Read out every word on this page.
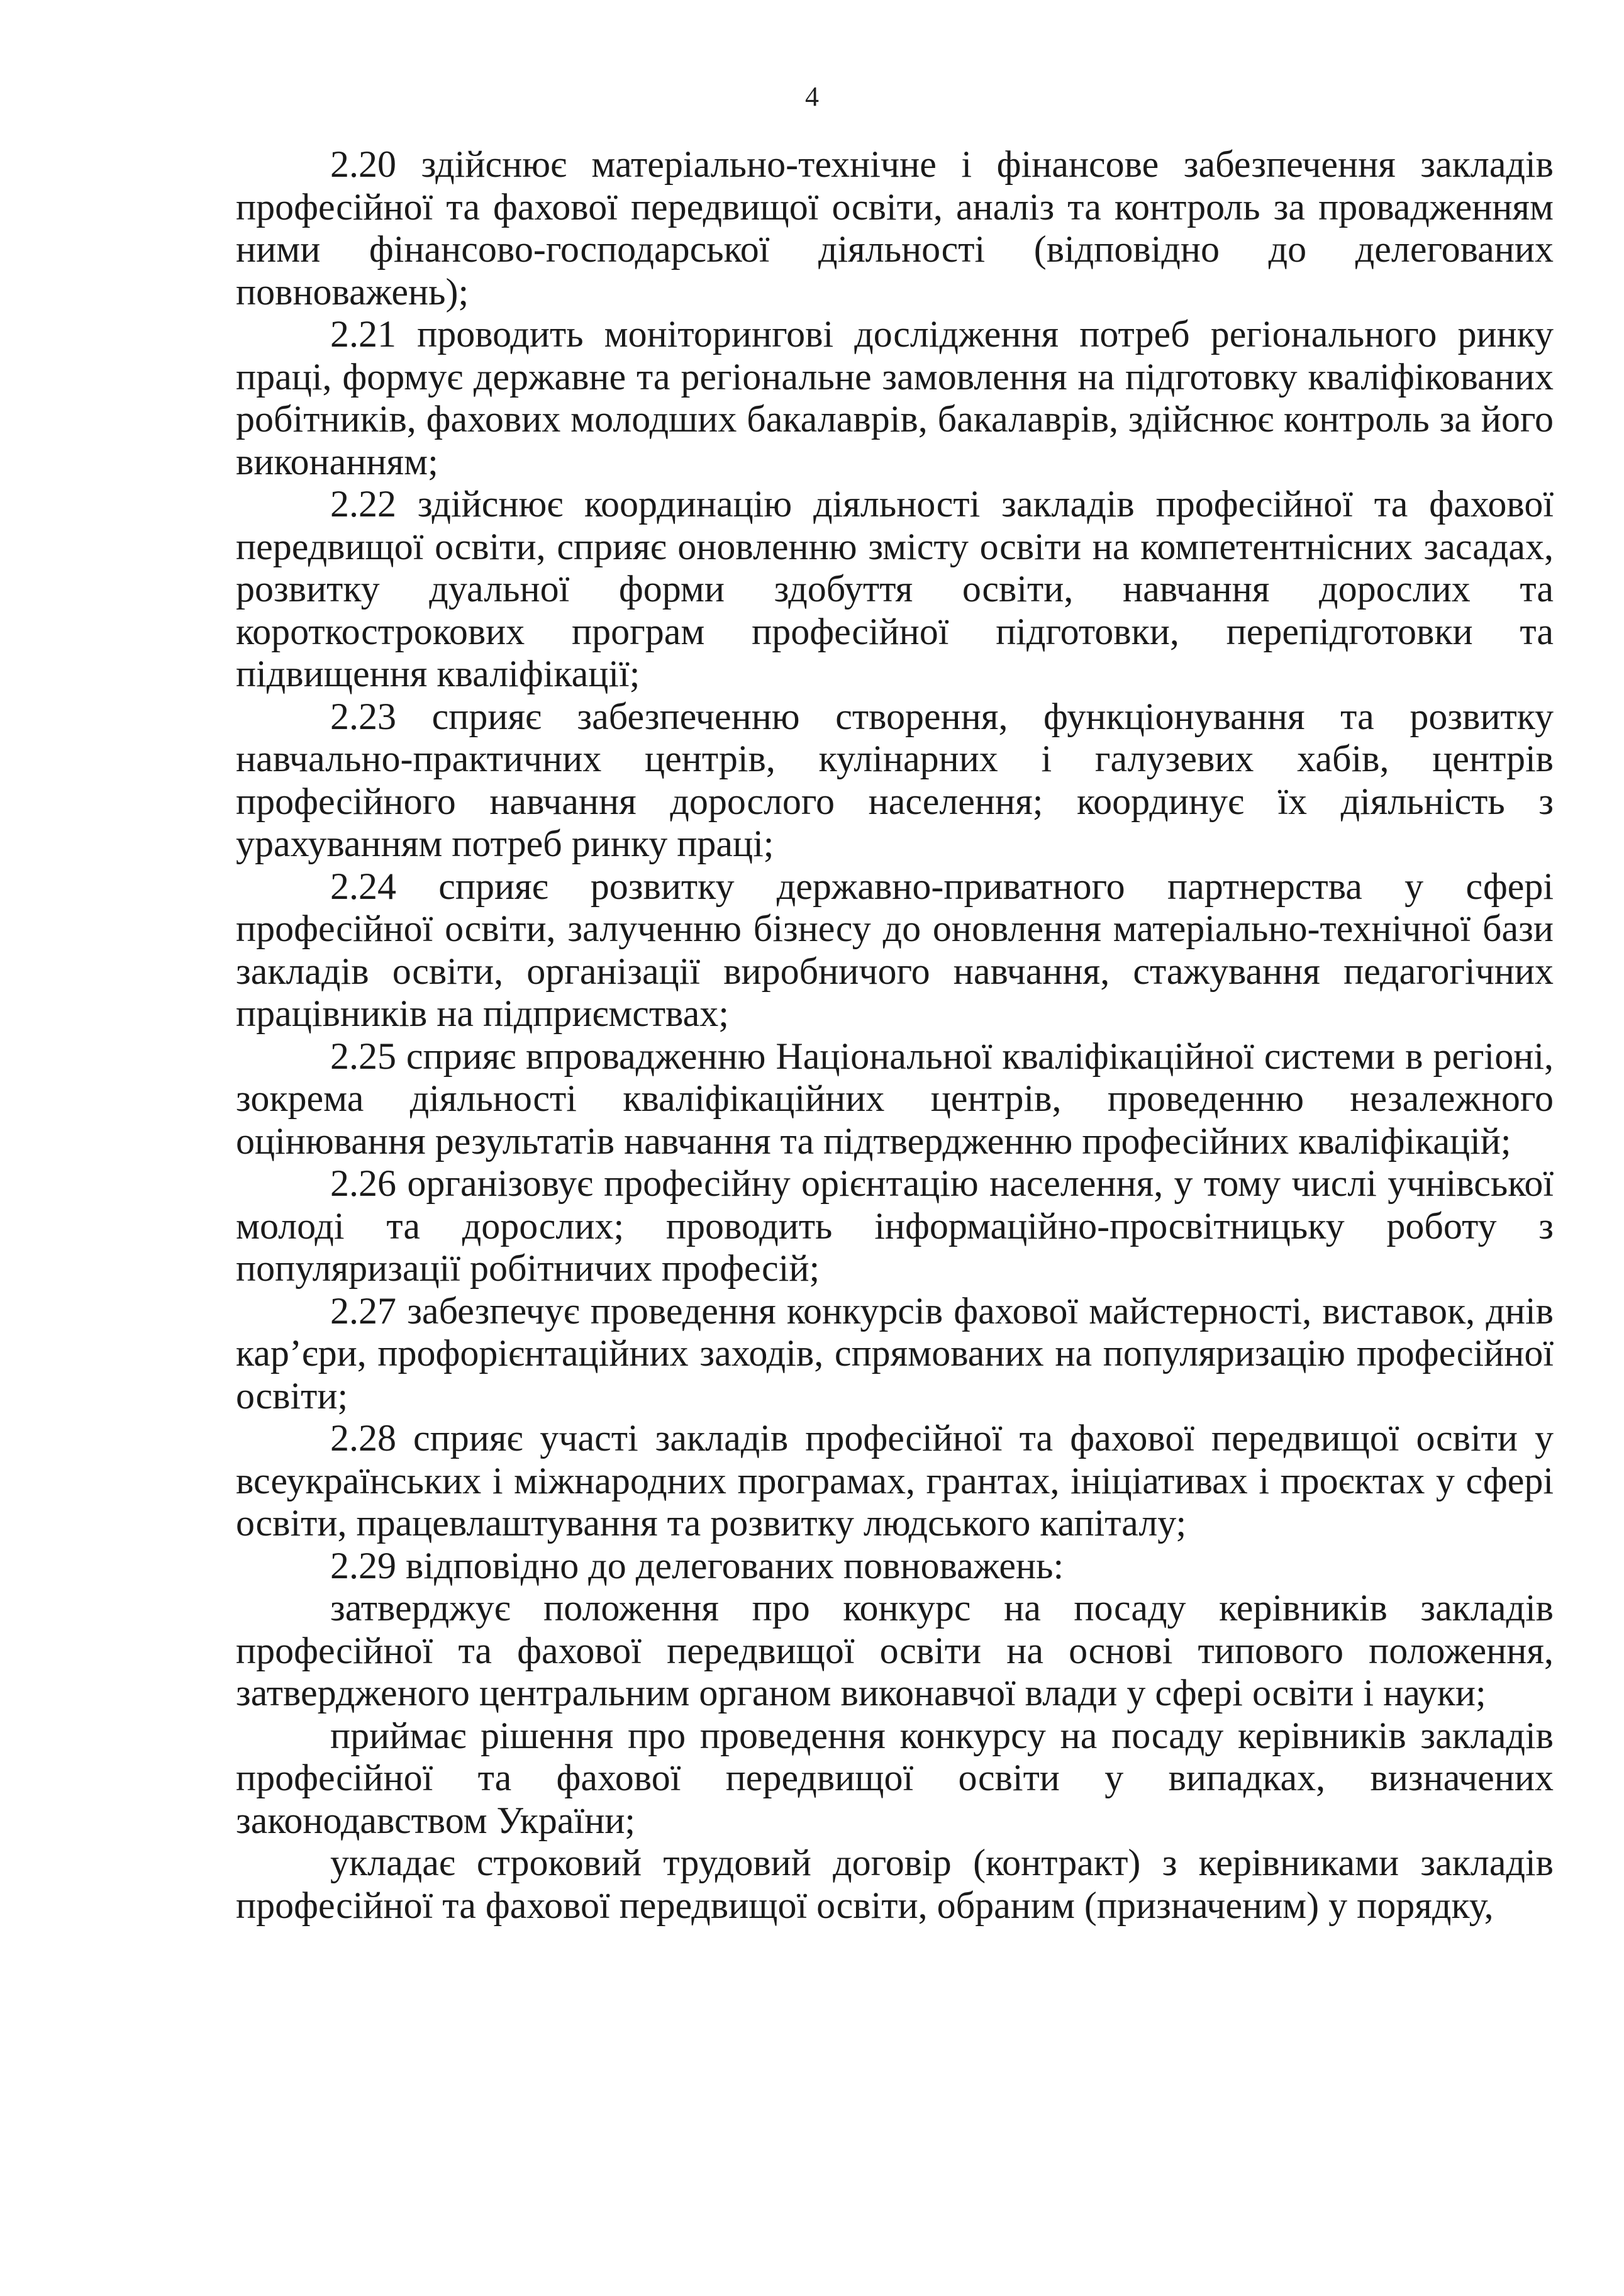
4

2.20 здійснює матеріально-технічне і фінансове забезпечення закладів професійної та фахової передвищої освіти, аналіз та контроль за провадженням ними фінансово-господарської діяльності (відповідно до делегованих повноважень);

2.21 проводить моніторингові дослідження потреб регіонального ринку праці, формує державне та регіональне замовлення на підготовку кваліфікованих робітників, фахових молодших бакалаврів, бакалаврів, здійснює контроль за його виконанням;

2.22 здійснює координацію діяльності закладів професійної та фахової передвищої освіти, сприяє оновленню змісту освіти на компетентнісних засадах, розвитку дуальної форми здобуття освіти, навчання дорослих та короткострокових програм професійної підготовки, перепідготовки та підвищення кваліфікації;

2.23 сприяє забезпеченню створення, функціонування та розвитку навчально-практичних центрів, кулінарних і галузевих хабів, центрів професійного навчання дорослого населення; координує їх діяльність з урахуванням потреб ринку праці;

2.24 сприяє розвитку державно-приватного партнерства у сфері професійної освіти, залученню бізнесу до оновлення матеріально-технічної бази закладів освіти, організації виробничого навчання, стажування педагогічних працівників на підприємствах;

2.25 сприяє впровадженню Національної кваліфікаційної системи в регіоні, зокрема діяльності кваліфікаційних центрів, проведенню незалежного оцінювання результатів навчання та підтвердженню професійних кваліфікацій;

2.26 організовує професійну орієнтацію населення, у тому числі учнівської молоді та дорослих; проводить інформаційно-просвітницьку роботу з популяризації робітничих професій;

2.27 забезпечує проведення конкурсів фахової майстерності, виставок, днів кар’єри, профорієнтаційних заходів, спрямованих на популяризацію професійної освіти;

2.28 сприяє участі закладів професійної та фахової передвищої освіти у всеукраїнських і міжнародних програмах, грантах, ініціативах і проєктах у сфері освіти, працевлаштування та розвитку людського капіталу;

2.29 відповідно до делегованих повноважень:

затверджує положення про конкурс на посаду керівників закладів професійної та фахової передвищої освіти на основі типового положення, затвердженого центральним органом виконавчої влади у сфері освіти і науки;

приймає рішення про проведення конкурсу на посаду керівників закладів професійної та фахової передвищої освіти у випадках, визначених законодавством України;

укладає строковий трудовий договір (контракт) з керівниками закладів професійної та фахової передвищої освіти, обраним (призначеним) у порядку,
